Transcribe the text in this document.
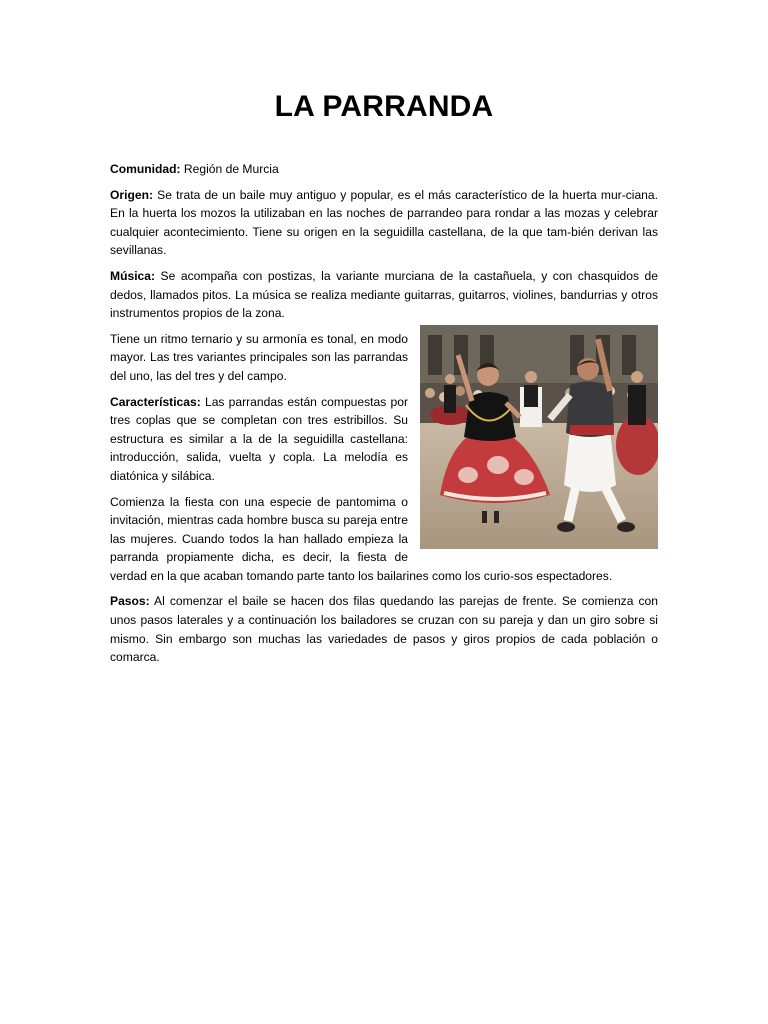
LA PARRANDA

Comunidad: Región de Murcia

Origen: Se trata de un baile muy antiguo y popular, es el más característico de la huerta mur-ciana. En la huerta los mozos la utilizaban en las noches de parrandeo para rondar a las mozas y celebrar cualquier acontecimiento. Tiene su origen en la seguidilla castellana, de la que tam-bién derivan las sevillanas.

Música: Se acompaña con postizas, la variante murciana de la castañuela, y con chasquidos de dedos, llamados pitos. La música se realiza mediante guitarras, guitarros, violines, bandurrias y otros instrumentos propios de la zona.

Tiene un ritmo ternario y su armonía es tonal, en modo mayor. Las tres variantes principales son las parrandas del uno, las del tres y del campo.

Características: Las parrandas están compuestas por tres coplas que se completan con tres estribillos. Su estructura es similar a la de la seguidilla castellana: introducción, salida, vuelta y copla. La melodía es diatónica y silábica.

Comienza la fiesta con una especie de pantomima o invitación, mientras cada hombre busca su pareja entre las mujeres. Cuando todos la han hallado empieza la parranda propiamente dicha, es decir, la fiesta de verdad en la que acaban tomando parte tanto los bailarines como los curio-sos espectadores.

Pasos: Al comenzar el baile se hacen dos filas quedando las parejas de frente. Se comienza con unos pasos laterales y a continuación los bailadores se cruzan con su pareja y dan un giro sobre si mismo. Sin embargo son muchas las variedades de pasos y giros propios de cada población o comarca.
